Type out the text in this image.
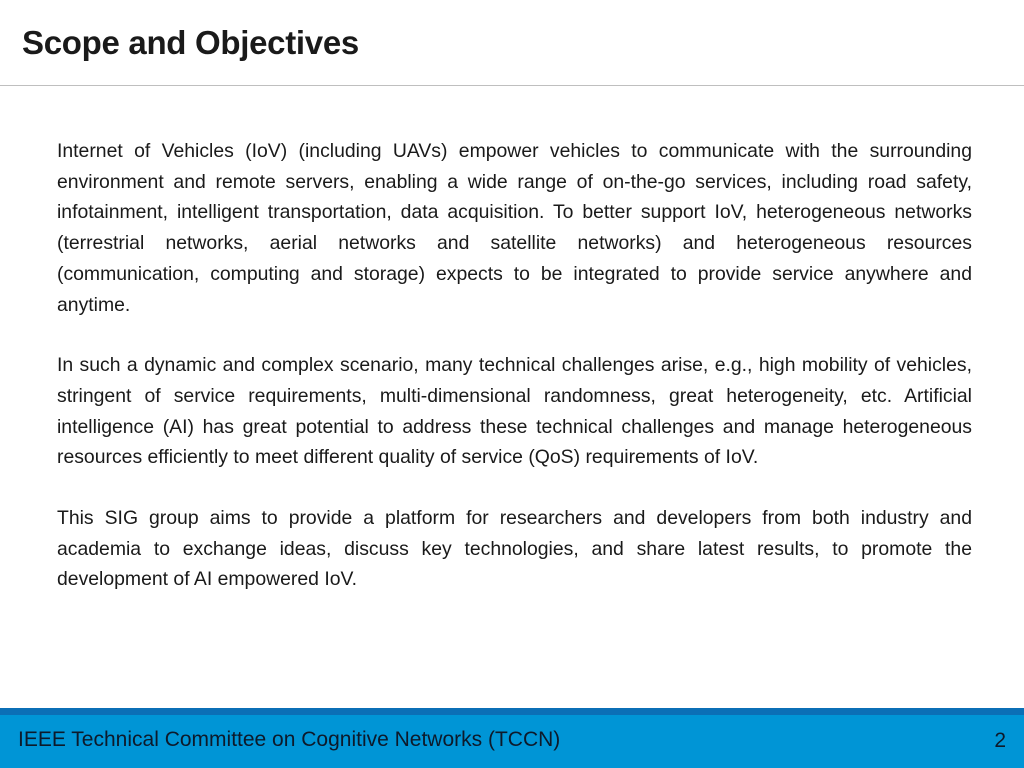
Scope and Objectives

Internet of Vehicles (IoV) (including UAVs) empower vehicles to communicate with the surrounding environment and remote servers, enabling a wide range of on-the-go services, including road safety, infotainment, intelligent transportation, data acquisition. To better support IoV, heterogeneous networks (terrestrial networks, aerial networks and satellite networks) and heterogeneous resources (communication, computing and storage) expects to be integrated to provide service anywhere and anytime.

In such a dynamic and complex scenario, many technical challenges arise, e.g., high mobility of vehicles, stringent of service requirements, multi-dimensional randomness, great heterogeneity, etc. Artificial intelligence (AI) has great potential to address these technical challenges and manage heterogeneous resources efficiently to meet different quality of service (QoS) requirements of IoV.

This SIG group aims to provide a platform for researchers and developers from both industry and academia to exchange ideas, discuss key technologies, and share latest results, to promote the development of AI empowered IoV.

IEEE Technical Committee on Cognitive Networks (TCCN)	2
